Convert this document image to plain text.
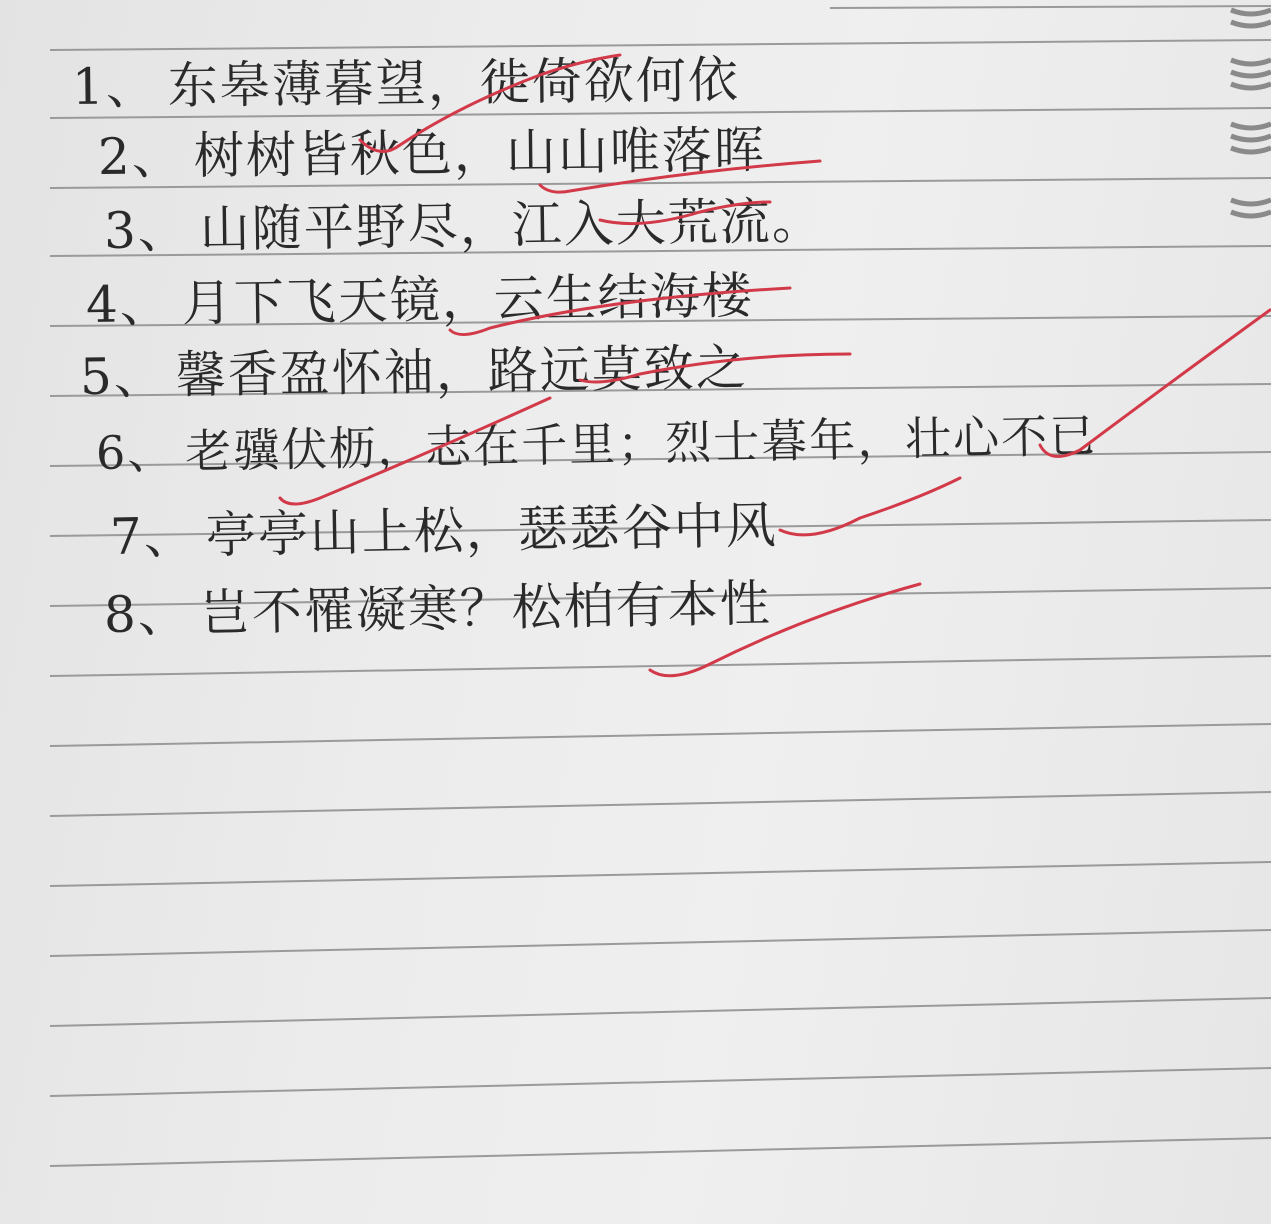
1、 东皋薄暮望，徙倚欲何依
2、 树树皆秋色，山山唯落晖
3、 山随平野尽，江入大荒流。
4、 月下飞天镜，云生结海楼
5、 馨香盈怀袖，路远莫致之
6、 老骥伏枥，志在千里；烈士暮年，壮心不已
7、 亭亭山上松，瑟瑟谷中风
8、 岂不罹凝寒？松柏有本性
